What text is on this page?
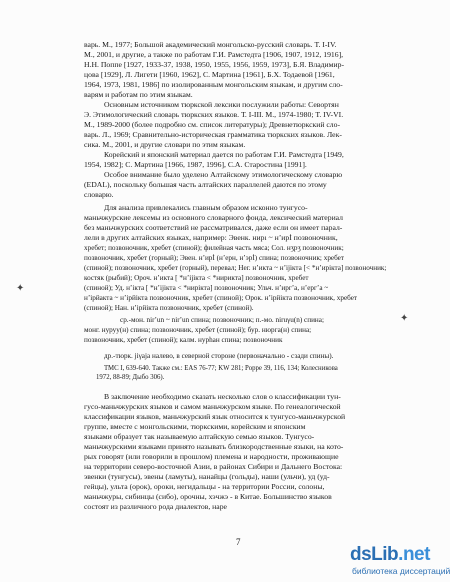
варь. М., 1977; Большой академический монгольско-русский словарь. Т. I-IV.
М., 2001, и другие, а также по работам Г.И. Рамстедта [1906, 1907, 1912, 1916],
Н.Н. Поппе [1927, 1933-37, 1938, 1950, 1955, 1956, 1959, 1973], Б.Я. Владимир-
цова [1929], Л. Лигети [1960, 1962], С. Мартина [1961], Б.Х. Тодаевой [1961,
1964, 1973, 1981, 1986] по изолированным монгольским языкам, и другим сло-
варям и работам по этим языкам.
Основным источником тюркской лексики послужили работы: Севортян
Э. Этимологический словарь тюркских языков. Т. I-III. М., 1974-1980; Т. IV-VI.
М., 1989-2000 (более подробно см. список литературы); Древнетюркский сло-
варь. Л., 1969; Сравнительно-историческая грамматика тюркских языков. Лек-
сика. М., 2001, и другие словари по этим языкам.
Корейский и японский материал дается по работам Г.И. Рамстедта [1949,
1954, 1982]; С. Мартина [1966, 1987, 1996], С.А. Старостина [1991].
Особое внимание было уделено Алтайскому этимологическому словарю
(EDAL), поскольку большая часть алтайских параллелей даются по этому
словарю.
Для анализа привлекались главным образом исконно тунгусо-
маньчжурские лексемы из основного словарного фонда, лексический материал
без маньчжурских соответствий не рассматривался, даже если он имеет парал-
лели в других алтайских языках, например: Эвенк. нирı ~ нʼирİ позвоночник,
хребет; позвоночник, хребет (спиной); филейная часть мяса; Сол. нʒрʒ позвоночник;
позвоночник, хребет (горный); Эвен. нʼирİ (нʼерн, нʼэрİ) спина; позвоночник; хребет
(спиной); позвоночник, хребет (горный), перевал; Нег. нʼикта ~ нʼіjікта [< *нʼиpікта] позвоночник;
костяк (рыбий); Ороч. нʼикта [ *нʼіjікта < *нирикта] позвоночник, хребет
(спиной); Уд. нʼікта [ *нʼіjікта < *нирікта] позвоночник; Ульч. нʼиргʼа, нʼергʼа ~
нʼірйакта ~ нʼірйікта позвоночник, хребет (спиной); Орок. нʼірйікта позвоночник, хребет
(спиной); Нан. нʼірйікта позвоночник, хребет (спиной).
ср.-мон. nirʼun ~ nirʼun спина; позвоночник; п.-мо. niruγu(n) спина;
монг. нуруу(н) спина; позвоночник, хребет (спиной); бур. нюрга(н) спина;
позвоночник, хребет (спиной); калм. нурһан спина; позвоночник
др.-тюрк. jiγaja налево, в северной стороне (первоначально - сзади спины).
ТМС I, 639-640. Также см.: EAS 76-77; KW 281; Poppe 39, 116, 134; Колесникова
1972, 88-89; Дыбо 306).
В заключение необходимо сказать несколько слов о классификации тун-
гусо-маньчжурских языков и самом маньчжурском языке. По генеалогической
классификации языков, маньчжурский язык относится к тунгусо-маньчжурской
группе, вместе с монгольскими, тюркскими, корейским и японским
языками образует так называемую алтайскую семью языков. Тунгусо-
маньчжурскими языками принято называть близкородственные языки, на кото-
рых говорят (или говорили в прошлом) племена и народности, проживающие
на территории северо-восточной Азии, в районах Сибири и Дальнего Востока:
эвенки (тунгусы), эвены (ламуты), нанайцы (гольды), наши (ульчи), уд (уд-
гейцы), ульта (орок), ороки, негидальцы - на территории России, солоны,
маньчжуры, сибинцы (сибо), орочны, хэчжэ - в Китае. Большинство языков
состоят из различного рода диалектов, наре
7
✦
✦
dsLib.net
библиотека диссертаций
